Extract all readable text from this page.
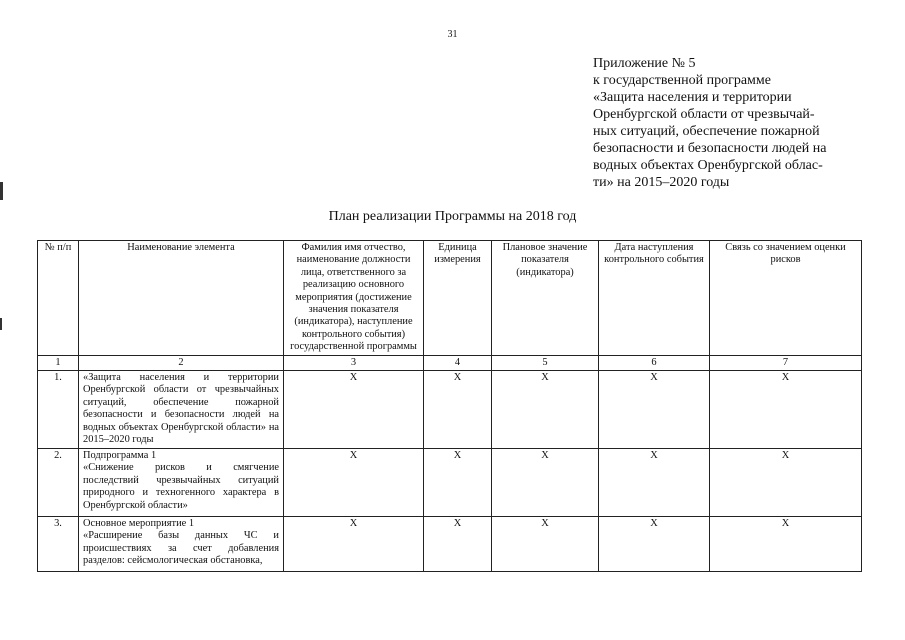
31
Приложение № 5
к государственной программе
«Защита населения и территории
Оренбургской области от чрезвычай-
ных ситуаций, обеспечение пожарной
безопасности и безопасности людей на
водных объектах Оренбургской облас-
ти» на 2015–2020 годы
План реализации Программы на 2018 год
№ п/п	Наименование элемента	Фамилия имя отчество, наименование должности лица, ответственного за реализацию основного мероприятия (достижение значения показателя (индикатора), наступление контрольного события) государственной программы	Единица измерения	Плановое значение показателя (индикатора)	Дата наступления контрольного события	Связь со значением оценки рисков
1	2	3	4	5	6	7
1.	«Защита населения и территории Оренбургской области от чрезвычайных ситуаций, обеспечение пожарной безопасности и безопасности людей на водных объектах Оренбургской области» на 2015–2020 годы	Х	Х	Х	Х	Х
2.	Подпрограмма 1
«Снижение рисков и смягчение последствий чрезвычайных ситуаций природного и техногенного характера в Оренбургской области»	Х	Х	Х	Х	Х
3.	Основное мероприятие 1
«Расширение базы данных ЧС и происшествиях за счет добавления разделов: сейсмологическая обстановка,	Х	Х	Х	Х	Х
